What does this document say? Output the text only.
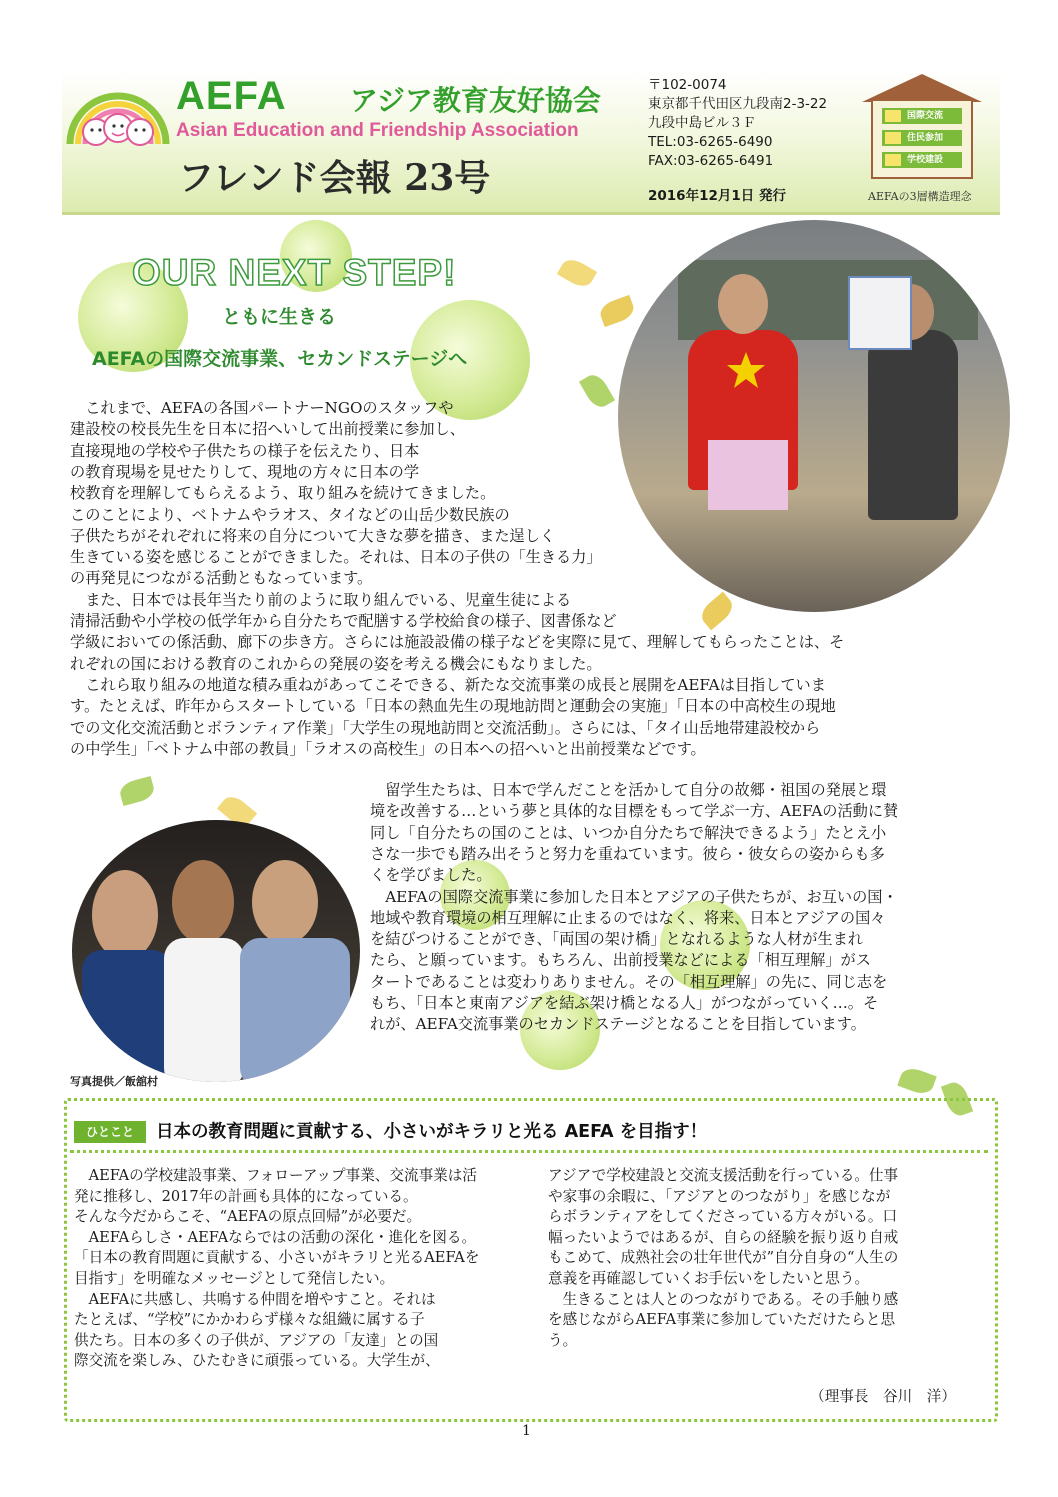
AEFA アジア教育友好協会
Asian Education and Friendship Association
フレンド会報 23号
〒102-0074
東京都千代田区九段南2-3-22
九段中島ビル３Ｆ
TEL:03-6265-6490
FAX:03-6265-6491
2016年12月1日 発行
国際交流
住民参加
学校建設
AEFAの3層構造理念
OUR NEXT STEP!
ともに生きる
AEFAの国際交流事業、セカンドステージへ
　これまで、AEFAの各国パートナーNGOのスタッフや
建設校の校長先生を日本に招へいして出前授業に参加し、
直接現地の学校や子供たちの様子を伝えたり、日本
の教育現場を見せたりして、現地の方々に日本の学
校教育を理解してもらえるよう、取り組みを続けてきました。
このことにより、ベトナムやラオス、タイなどの山岳少数民族の
子供たちがそれぞれに将来の自分について大きな夢を描き、また逞しく
生きている姿を感じることができました。それは、日本の子供の「生きる力」
の再発見につながる活動ともなっています。
　また、日本では長年当たり前のように取り組んでいる、児童生徒による
清掃活動や小学校の低学年から自分たちで配膳する学校給食の様子、図書係など
学級においての係活動、廊下の歩き方。さらには施設設備の様子などを実際に見て、理解してもらったことは、そ
れぞれの国における教育のこれからの発展の姿を考える機会にもなりました。
　これら取り組みの地道な積み重ねがあってこそできる、新たな交流事業の成長と展開をAEFAは目指していま
す。たとえば、昨年からスタートしている「日本の熱血先生の現地訪問と運動会の実施」「日本の中高校生の現地
での文化交流活動とボランティア作業」「大学生の現地訪問と交流活動」。さらには、「タイ山岳地帯建設校から
の中学生」「ベトナム中部の教員」「ラオスの高校生」の日本への招へいと出前授業などです。
　留学生たちは、日本で学んだことを活かして自分の故郷・祖国の発展と環
境を改善する…という夢と具体的な目標をもって学ぶ一方、AEFAの活動に賛
同し「自分たちの国のことは、いつか自分たちで解決できるよう」たとえ小
さな一歩でも踏み出そうと努力を重ねています。彼ら・彼女らの姿からも多
くを学びました。
　AEFAの国際交流事業に参加した日本とアジアの子供たちが、お互いの国・
地域や教育環境の相互理解に止まるのではなく、将来、日本とアジアの国々
を結びつけることができ、「両国の架け橋」となれるような人材が生まれ
たら、と願っています。もちろん、出前授業などによる「相互理解」がス
タートであることは変わりありません。その「相互理解」の先に、同じ志を
もち、「日本と東南アジアを結ぶ架け橋となる人」がつながっていく…。そ
れが、AEFA交流事業のセカンドステージとなることを目指しています。
写真提供／飯舘村
ひとこと	日本の教育問題に貢献する、小さいがキラリと光る AEFA を目指す！
　AEFAの学校建設事業、フォローアップ事業、交流事業は活
発に推移し、2017年の計画も具体的になっている。
そんな今だからこそ、“AEFAの原点回帰”が必要だ。
　AEFAらしさ・AEFAならではの活動の深化・進化を図る。
「日本の教育問題に貢献する、小さいがキラリと光るAEFAを
目指す」を明確なメッセージとして発信したい。
　AEFAに共感し、共鳴する仲間を増やすこと。それは
たとえば、“学校”にかかわらず様々な組織に属する子
供たち。日本の多くの子供が、アジアの「友達」との国
際交流を楽しみ、ひたむきに頑張っている。大学生が、
アジアで学校建設と交流支援活動を行っている。仕事
や家事の余暇に、「アジアとのつながり」を感じなが
らボランティアをしてくださっている方々がいる。口
幅ったいようではあるが、自らの経験を振り返り自戒
もこめて、成熟社会の壮年世代が”自分自身の“人生の
意義を再確認していくお手伝いをしたいと思う。
　生きることは人とのつながりである。その手触り感
を感じながらAEFA事業に参加していただけたらと思
う。
（理事長　谷川　洋）
1
